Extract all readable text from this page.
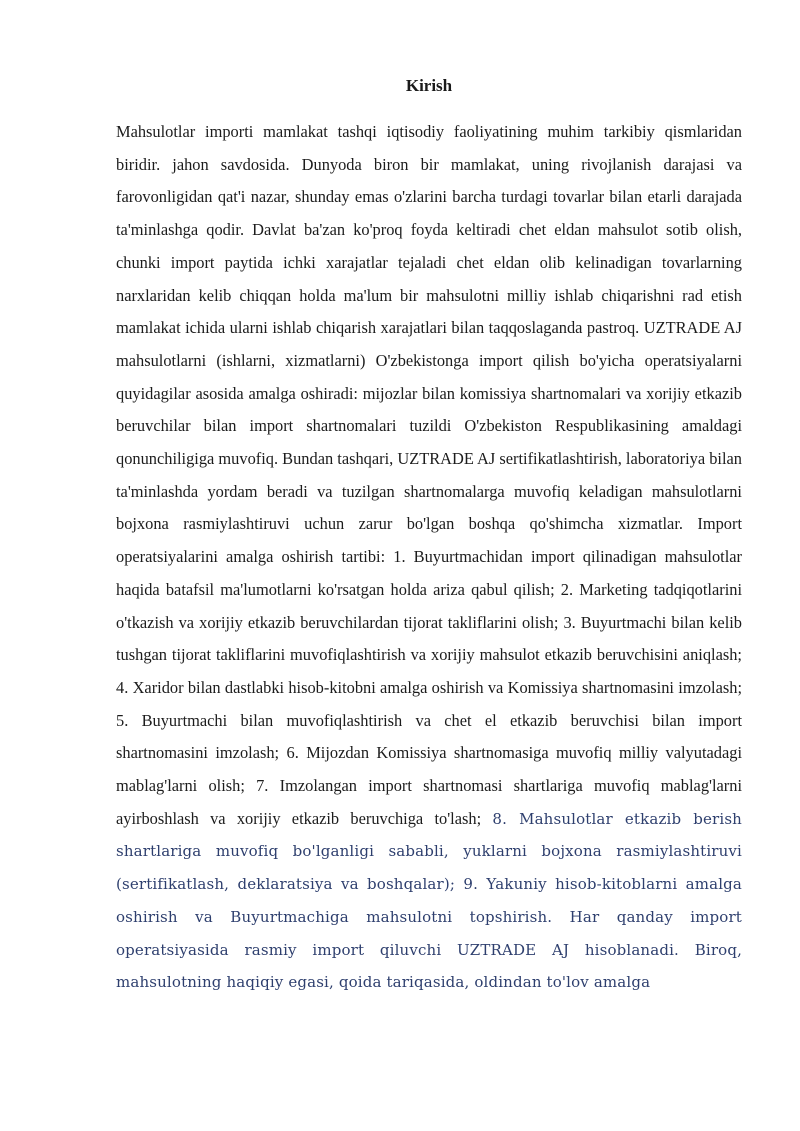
Kirish

Mahsulotlar importi mamlakat tashqi iqtisodiy faoliyatining muhim tarkibiy qismlaridan biridir. jahon savdosida. Dunyoda biron bir mamlakat, uning rivojlanish darajasi va farovonligidan qat'i nazar, shunday emas o'zlarini barcha turdagi tovarlar bilan etarli darajada ta'minlashga qodir. Davlat ba'zan ko'proq foyda keltiradi chet eldan mahsulot sotib olish, chunki import paytida ichki xarajatlar tejaladi chet eldan olib kelinadigan tovarlarning narxlaridan kelib chiqqan holda ma'lum bir mahsulotni milliy ishlab chiqarishni rad etish mamlakat ichida ularni ishlab chiqarish xarajatlari bilan taqqoslaganda pastroq. UZTRADE AJ mahsulotlarni (ishlarni, xizmatlarni) O'zbekistonga import qilish bo'yicha operatsiyalarni quyidagilar asosida amalga oshiradi: mijozlar bilan komissiya shartnomalari va xorijiy etkazib beruvchilar bilan import shartnomalari tuzildi O'zbekiston Respublikasining amaldagi qonunchiligiga muvofiq. Bundan tashqari, UZTRADE AJ sertifikatlashtirish, laboratoriya bilan ta'minlashda yordam beradi va tuzilgan shartnomalarga muvofiq keladigan mahsulotlarni bojxona rasmiylashtiruvi uchun zarur bo'lgan boshqa qo'shimcha xizmatlar. Import operatsiyalarini amalga oshirish tartibi: 1. Buyurtmachidan import qilinadigan mahsulotlar haqida batafsil ma'lumotlarni ko'rsatgan holda ariza qabul qilish; 2. Marketing tadqiqotlarini o'tkazish va xorijiy etkazib beruvchilardan tijorat takliflarini olish; 3. Buyurtmachi bilan kelib tushgan tijorat takliflarini muvofiqlashtirish va xorijiy mahsulot etkazib beruvchisini aniqlash; 4. Xaridor bilan dastlabki hisob-kitobni amalga oshirish va Komissiya shartnomasini imzolash; 5. Buyurtmachi bilan muvofiqlashtirish va chet el etkazib beruvchisi bilan import shartnomasini imzolash; 6. Mijozdan Komissiya shartnomasiga muvofiq milliy valyutadagi mablag'larni olish; 7. Imzolangan import shartnomasi shartlariga muvofiq mablag'larni ayirboshlash va xorijiy etkazib beruvchiga to'lash; 8. Mahsulotlar etkazib berish shartlariga muvofiq bo'lganligi sababli, yuklarni bojxona rasmiylashtiruvi (sertifikatlash, deklaratsiya va boshqalar); 9. Yakuniy hisob-kitoblarni amalga oshirish va Buyurtmachiga mahsulotni topshirish. Har qanday import operatsiyasida rasmiy import qiluvchi UZTRADE AJ hisoblanadi. Biroq, mahsulotning haqiqiy egasi, qoida tariqasida, oldindan to'lov amalga
